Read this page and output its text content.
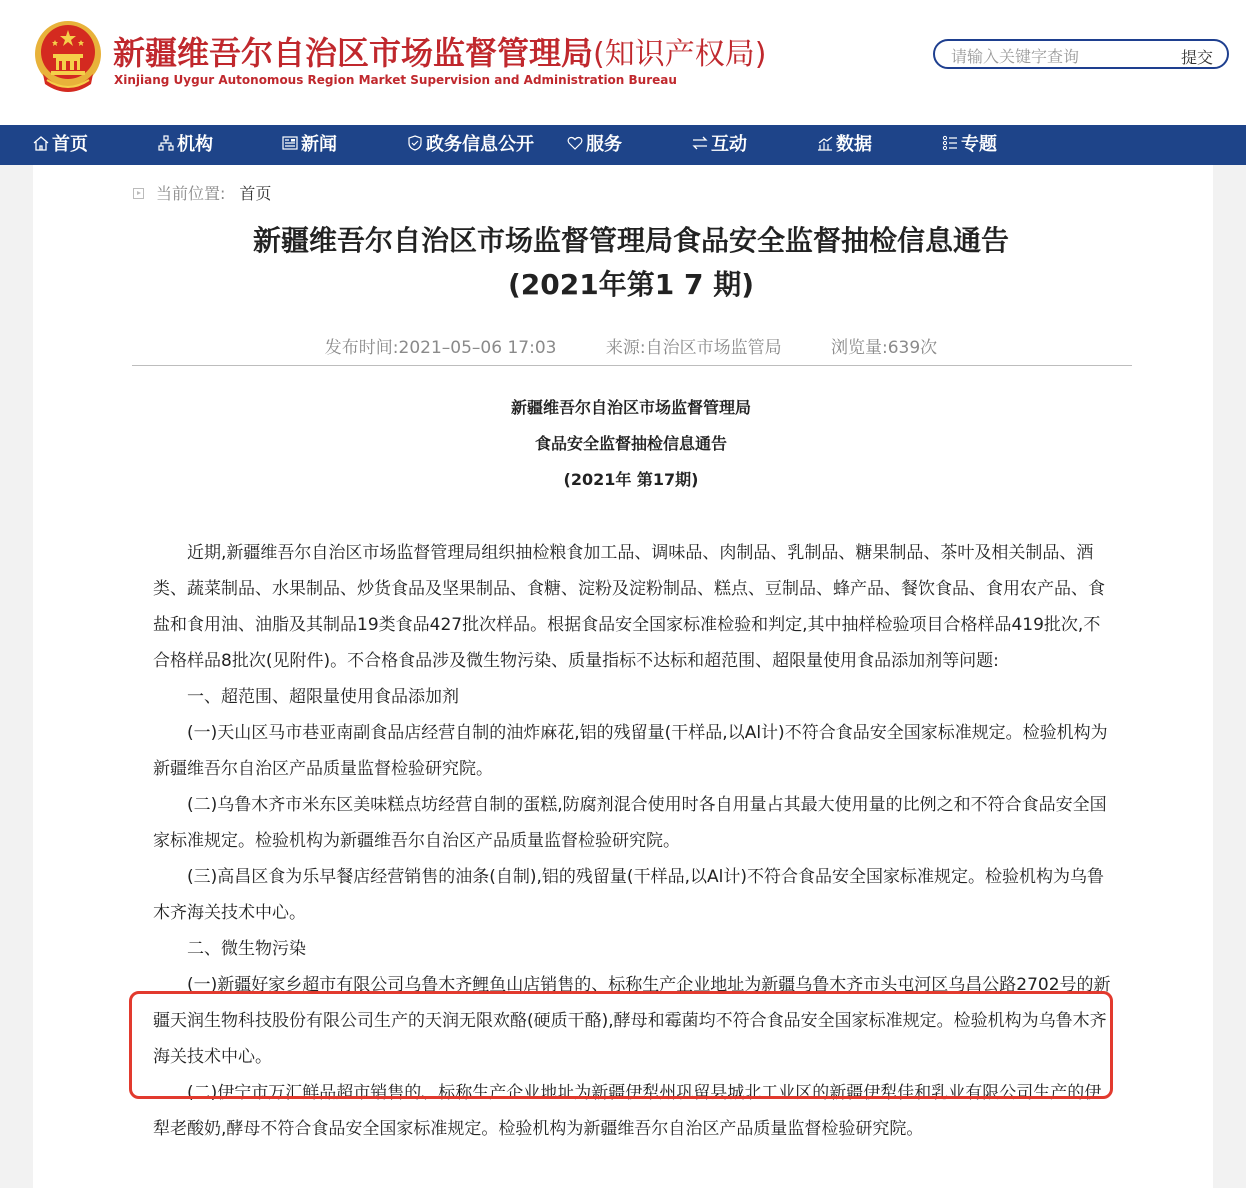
新疆维吾尔自治区市场监督管理局(知识产权局)
Xinjiang Uygur Autonomous Region Market Supervision and Administration Bureau
请输入关键字查询
提交
首页	机构	新闻	政务信息公开	服务	互动	数据	专题
当前位置: 首页
新疆维吾尔自治区市场监督管理局食品安全监督抽检信息通告
(2021年第1 7 期)
发布时间:2021–05–06 17:03	来源:自治区市场监管局	浏览量:639次
新疆维吾尔自治区市场监督管理局
食品安全监督抽检信息通告
(2021年 第17期)

近期,新疆维吾尔自治区市场监督管理局组织抽检粮食加工品、调味品、肉制品、乳制品、糖果制品、茶叶及相关制品、酒类、蔬菜制品、水果制品、炒货食品及坚果制品、食糖、淀粉及淀粉制品、糕点、豆制品、蜂产品、餐饮食品、食用农产品、食盐和食用油、油脂及其制品19类食品427批次样品。根据食品安全国家标准检验和判定,其中抽样检验项目合格样品419批次,不合格样品8批次(见附件)。不合格食品涉及微生物污染、质量指标不达标和超范围、超限量使用食品添加剂等问题:

一、超范围、超限量使用食品添加剂

(一)天山区马市巷亚南副食品店经营自制的油炸麻花,铝的残留量(干样品,以Al计)不符合食品安全国家标准规定。检验机构为新疆维吾尔自治区产品质量监督检验研究院。

(二)乌鲁木齐市米东区美味糕点坊经营自制的蛋糕,防腐剂混合使用时各自用量占其最大使用量的比例之和不符合食品安全国家标准规定。检验机构为新疆维吾尔自治区产品质量监督检验研究院。

(三)高昌区食为乐早餐店经营销售的油条(自制),铝的残留量(干样品,以Al计)不符合食品安全国家标准规定。检验机构为乌鲁木齐海关技术中心。

二、微生物污染

(一)新疆好家乡超市有限公司乌鲁木齐鲤鱼山店销售的、标称生产企业地址为新疆乌鲁木齐市头屯河区乌昌公路2702号的新疆天润生物科技股份有限公司生产的天润无限欢酪(硬质干酪),酵母和霉菌均不符合食品安全国家标准规定。检验机构为乌鲁木齐海关技术中心。

(二)伊宁市万汇鲜品超市销售的、标称生产企业地址为新疆伊犁州巩留县城北工业区的新疆伊犁佳和乳业有限公司生产的伊犁老酸奶,酵母不符合食品安全国家标准规定。检验机构为新疆维吾尔自治区产品质量监督检验研究院。
